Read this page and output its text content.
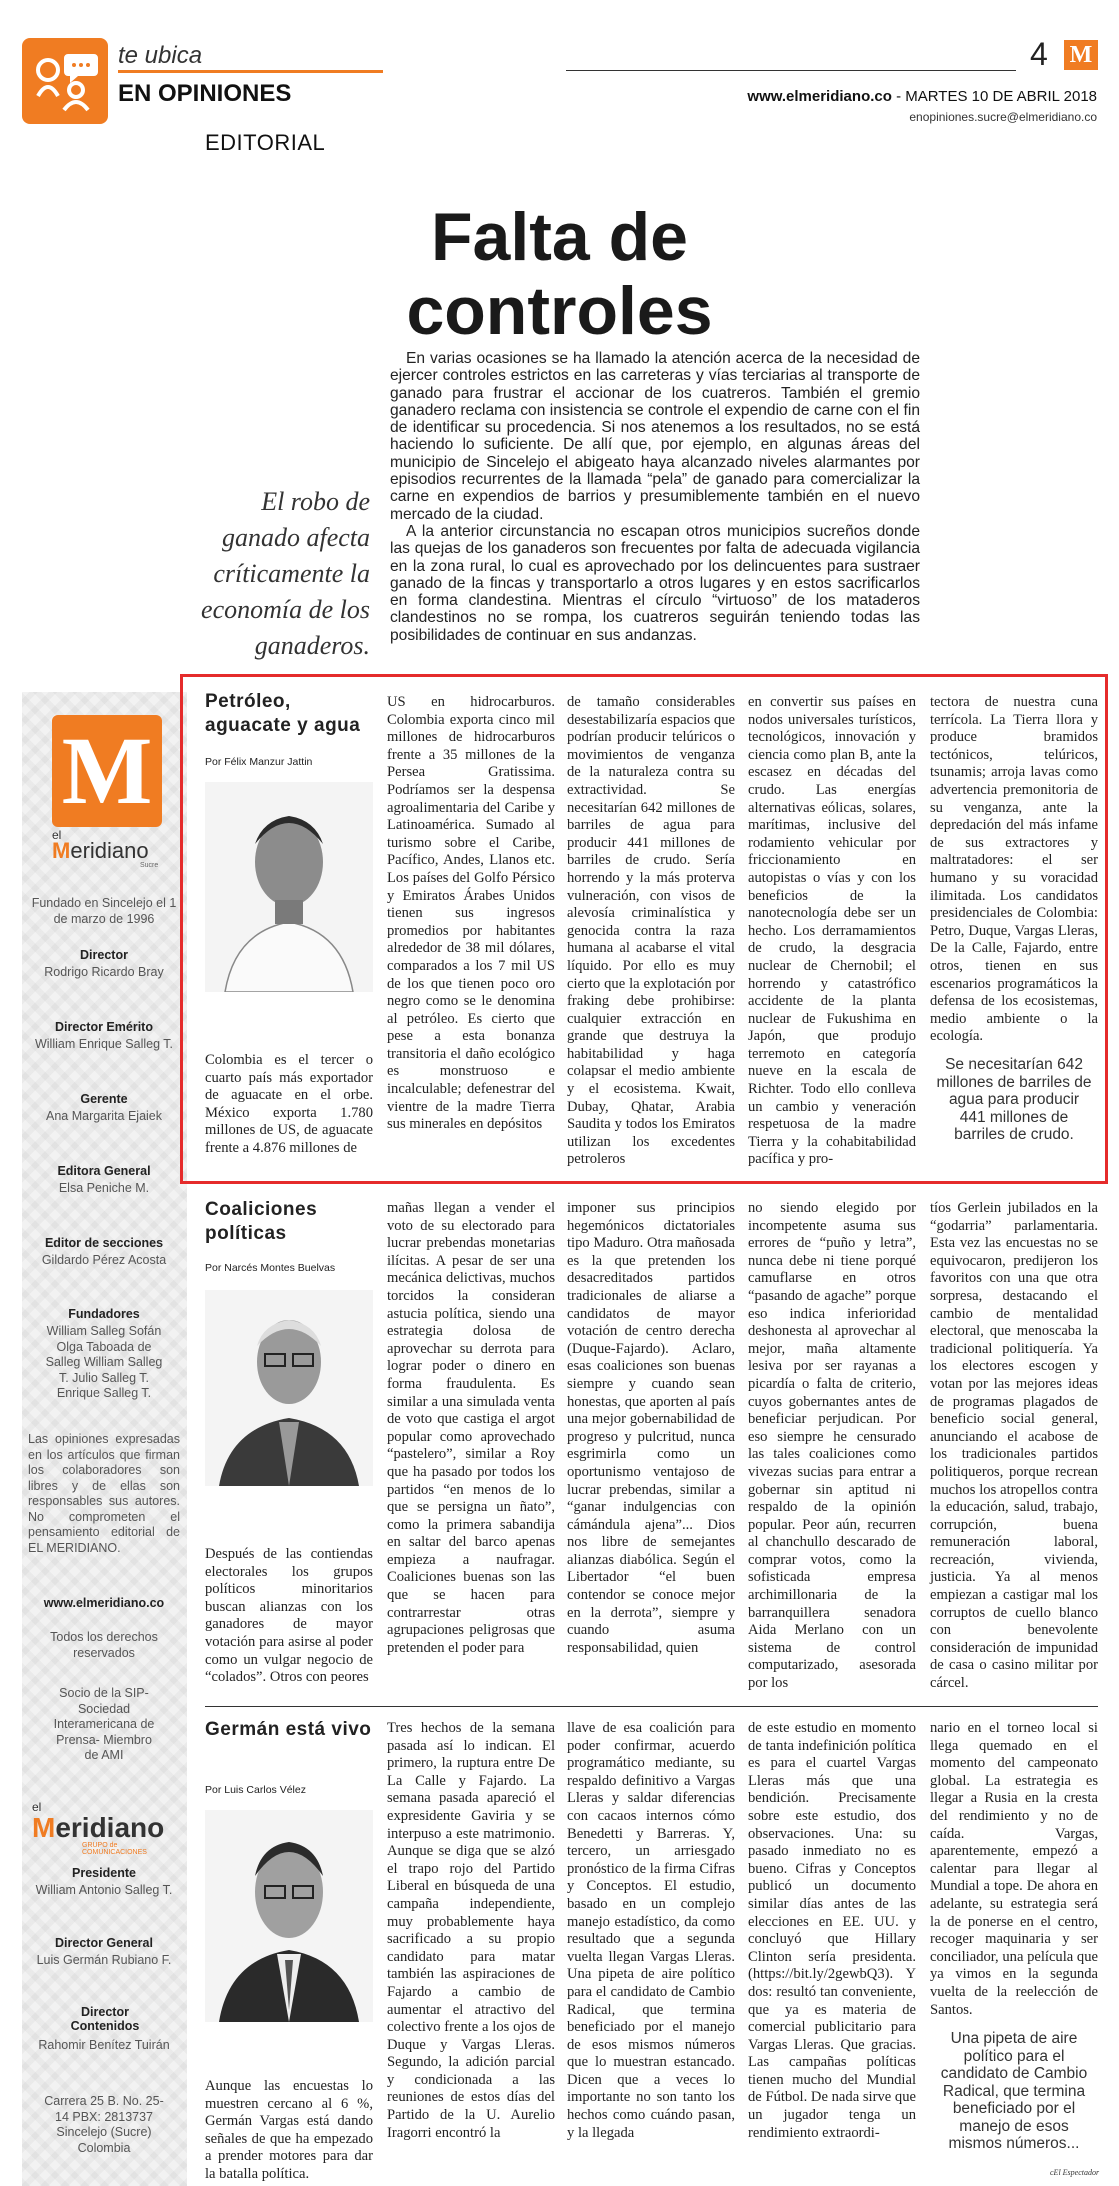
te ubica
EN OPINIONES
4 M
www.elmeridiano.co - MARTES 10 DE ABRIL 2018
enopiniones.sucre@elmeridiano.co
EDITORIAL
Falta de
controles
El robo de ganado afecta críticamente la economía de los ganaderos.

En varias ocasiones se ha llamado la atención acerca de la necesidad de ejercer controles estrictos en las carreteras y vías terciarias al transporte de ganado para frustrar el accionar de los cuatreros. También el gremio ganadero reclama con insistencia se controle el expendio de carne con el fin de identificar su procedencia. Si nos atenemos a los resultados, no se está haciendo lo suficiente. De allí que, por ejemplo, en algunas áreas del municipio de Sincelejo el abigeato haya alcanzado niveles alarmantes por episodios recurrentes de la llamada “pela” de ganado para comercializar la carne en expendios de barrios y presumiblemente también en el nuevo mercado de la ciudad.

A la anterior circunstancia no escapan otros municipios sucreños donde las quejas de los ganaderos son frecuentes por falta de adecuada vigilancia en la zona rural, lo cual es aprovechado por los delincuentes para sustraer ganado de la fincas y transportarlo a otros lugares y en estos sacrificarlos en forma clandestina. Mientras el círculo “virtuoso” de los mataderos clandestinos no se rompa, los cuatreros seguirán teniendo todas las posibilidades de continuar en sus andanzas.

M
el
Meridiano
Sucre
Fundado en Sincelejo el 1 de marzo de 1996
Director
Rodrigo Ricardo Bray
Director Emérito
William Enrique Salleg T.
Gerente
Ana Margarita Ejaiek
Editora General
Elsa Peniche M.
Editor de secciones
Gildardo Pérez Acosta
Fundadores
William Salleg Sofán Olga Taboada de Salleg William Salleg T. Julio Salleg T. Enrique Salleg T.
Las opiniones expresadas en los artículos que firman los colaboradores son libres y de ellas son responsables sus autores. No comprometen el pensamiento editorial de EL MERIDIANO.
www.elmeridiano.co
Todos los derechos reservados
Socio de la SIP- Sociedad Interamericana de Prensa- Miembro de AMI
el
Meridiano
GRUPO de COMUNICACIONES
Presidente
William Antonio Salleg T.
Director General
Luis Germán Rubiano F.
Director Contenidos
Rahomir Benítez Tuirán
Carrera 25 B. No. 25-14 PBX: 2813737 Sincelejo (Sucre) Colombia
Petróleo, aguacate y agua
Por Félix Manzur Jattin

Colombia es el tercer o cuarto país más exportador de aguacate en el orbe. México exporta 1.780 millones de US, de aguacate frente a 4.876 millones de

US en hidrocarburos. Colombia exporta cinco mil millones de hidrocarburos frente a 35 millones de la Persea Gratissima. Podríamos ser la despensa agroalimentaria del Caribe y Latinoamérica. Sumado al turismo sobre el Caribe, Pacífico, Andes, Llanos etc. Los países del Golfo Pérsico y Emiratos Árabes Unidos tienen sus ingresos promedios por habitantes alrededor de 38 mil dólares, comparados a los 7 mil US de los que tienen poco oro negro como se le denomina al petróleo. Es cierto que pese a esta bonanza transitoria el daño ecológico es monstruoso e incalculable; defenestrar del vientre de la madre Tierra sus minerales en depósitos

de tamaño considerables desestabilizaría espacios que podrían producir telúricos o movimientos de venganza de la naturaleza contra su extractividad. Se necesitarían 642 millones de barriles de agua para producir 441 millones de barriles de crudo. Sería horrendo y la más proterva vulneración, con visos de alevosía criminalística y genocida contra la raza humana al acabarse el vital líquido. Por ello es muy cierto que la explotación por fraking debe prohibirse: cualquier extracción en grande que destruya la habitabilidad y haga colapsar el medio ambiente y el ecosistema. Kwait, Dubay, Qhatar, Arabia Saudita y todos los Emiratos utilizan los excedentes petroleros

en convertir sus países en nodos universales turísticos, tecnológicos, innovación y ciencia como plan B, ante la escasez en décadas del crudo. Las energías alternativas eólicas, solares, marítimas, inclusive del rodamiento vehicular por friccionamiento en autopistas o vías y con los beneficios de la nanotecnología debe ser un hecho. Los derramamientos de crudo, la desgracia nuclear de Chernobil; el horrendo y catastrófico accidente de la planta nuclear de Fukushima en Japón, que produjo terremoto en categoría nueve en la escala de Richter. Todo ello conlleva un cambio y veneración respetuosa de la madre Tierra y la cohabitabilidad pacífica y pro-

tectora de nuestra cuna terrícola. La Tierra llora y produce bramidos tectónicos, telúricos, tsunamis; arroja lavas como advertencia premonitoria de su venganza, ante la depredación del más infame de sus extractores y maltratadores: el ser humano y su voracidad ilimitada. Los candidatos presidenciales de Colombia: Petro, Duque, Vargas Lleras, De la Calle, Fajardo, entre otros, tienen en sus escenarios programáticos la defensa de los ecosistemas, medio ambiente o la ecología.

Se necesitarían 642 millones de barriles de agua para producir 441 millones de barriles de crudo.
Coaliciones políticas
Por Narcés Montes Buelvas

Después de las contiendas electorales los grupos políticos minoritarios buscan alianzas con los ganadores de mayor votación para asirse al poder como un vulgar negocio de “colados”. Otros con peores

mañas llegan a vender el voto de su electorado para lucrar prebendas monetarias ilícitas. A pesar de ser una mecánica delictivas, muchos torcidos la consideran astucia política, siendo una estrategia dolosa de aprovechar su derrota para lograr poder o dinero en forma fraudulenta. Es similar a una simulada venta de voto que castiga el argot popular como aprovechado “pastelero”, similar a Roy que ha pasado por todos los partidos “en menos de lo que se persigna un ñato”, como la primera sabandija en saltar del barco apenas empieza a naufragar. Coaliciones buenas son las que se hacen para contrarrestar otras agrupaciones peligrosas que pretenden el poder para

imponer sus principios hegemónicos dictatoriales tipo Maduro. Otra mañosada es la que pretenden los desacreditados partidos tradicionales de aliarse a candidatos de mayor votación de centro derecha (Duque-Fajardo). Aclaro, esas coaliciones son buenas siempre y cuando sean honestas, que aporten al país una mejor gobernabilidad de progreso y pulcritud, nunca esgrimirla como un oportunismo ventajoso de lucrar prebendas, similar a “ganar indulgencias con cámándula ajena”... Dios nos libre de semejantes alianzas diabólica. Según el Libertador “el buen contendor se conoce mejor en la derrota”, siempre y cuando asuma responsabilidad, quien

no siendo elegido por incompetente asuma sus errores de “puño y letra”, nunca debe ni tiene porqué camuflarse en otros “pasando de agache” porque eso indica inferioridad deshonesta al aprovechar al mejor, maña altamente lesiva por ser rayanas a picardía o falta de criterio, cuyos gobernantes antes de beneficiar perjudican. Por eso siempre he censurado las tales coaliciones como vivezas sucias para entrar a gobernar sin aptitud ni respaldo de la opinión popular. Peor aún, recurren al chanchullo descarado de comprar votos, como la sofisticada empresa archimillonaria de la barranquillera senadora Aida Merlano con un sistema de control computarizado, asesorada por los

tíos Gerlein jubilados en la “godarria” parlamentaria. Esta vez las encuestas no se equivocaron, predijeron los favoritos con una que otra sorpresa, destacando el cambio de mentalidad electoral, que menoscaba la tradicional politiquería. Ya los electores escogen y votan por las mejores ideas de programas plagados de beneficio social general, anunciando el acabose de los tradicionales partidos politiqueros, porque recrean muchos los atropellos contra la educación, salud, trabajo, corrupción, buena remuneración laboral, recreación, vivienda, justicia. Ya al menos empiezan a castigar mal los corruptos de cuello blanco con benevolente consideración de impunidad de casa o casino militar por cárcel.

Germán está vivo
Por Luis Carlos Vélez

Aunque las encuestas lo muestren cercano al 6 %, Germán Vargas está dando señales de que ha empezado a prender motores para dar la batalla política.

Tres hechos de la semana pasada así lo indican. El primero, la ruptura entre De La Calle y Fajardo. La semana pasada apareció el expresidente Gaviria y se interpuso a este matrimonio. Aunque se diga que se alzó el trapo rojo del Partido Liberal en búsqueda de una campaña independiente, muy probablemente haya sacrificado a su propio candidato para matar también las aspiraciones de Fajardo a cambio de aumentar el atractivo del colectivo frente a los ojos de Duque y Vargas Lleras. Segundo, la adición parcial y condicionada a las reuniones de estos días del Partido de la U. Aurelio Iragorri encontró la

llave de esa coalición para poder confirmar, acuerdo programático mediante, su respaldo definitivo a Vargas Lleras y saldar diferencias con cacaos internos cómo Benedetti y Barreras. Y, tercero, un arriesgado pronóstico de la firma Cifras y Conceptos. El estudio, basado en un complejo manejo estadístico, da como resultado que a segunda vuelta llegan Vargas Lleras. Una pipeta de aire político para el candidato de Cambio Radical, que termina beneficiado por el manejo de esos mismos números que lo muestran estancado. Dicen que a veces lo importante no son tanto los hechos como cuándo pasan, y la llegada

de este estudio en momento de tanta indefinición política es para el cuartel Vargas Lleras más que una bendición. Precisamente sobre este estudio, dos observaciones. Una: su pasado inmediato no es bueno. Cifras y Conceptos publicó un documento similar días antes de las elecciones en EE. UU. y concluyó que Hillary Clinton sería presidenta. (https://bit.ly/2gewbQ3). Y dos: resultó tan conveniente, que ya es materia de comercial publicitario para Vargas Lleras. Que gracias. Las campañas políticas tienen mucho del Mundial de Fútbol. De nada sirve que un jugador tenga un rendimiento extraordi-

nario en el torneo local si llega quemado en el momento del campeonato global. La estrategia es llegar a Rusia en la cresta del rendimiento y no de caída. Vargas, aparentemente, empezó a calentar para llegar al Mundial a tope. De ahora en adelante, su estrategia será la de ponerse en el centro, recoger maquinaria y ser conciliador, una película que ya vimos en la segunda vuelta de la reelección de Santos.

Una pipeta de aire político para el candidato de Cambio Radical, que termina beneficiado por el manejo de esos mismos números...
cEl Espectador
